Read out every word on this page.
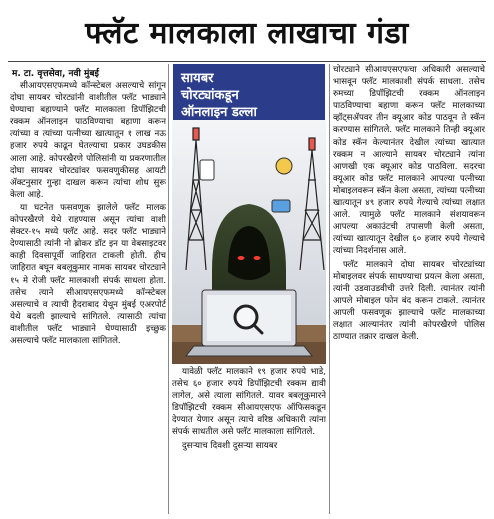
फ्लॅट मालकाला लाखाचा गंडा
म. टा. वृत्तसेवा, नवी मुंबई

सीआयएसएफमध्ये कॉन्स्टेबल असल्याचे सांगून दोघा सायबर चोरट्यांनी वाशीतील फ्लॅट भाड्याने घेण्याचा बहाण्याने फ्लॅट मालकाला डिपॉझिटची रक्कम ऑनलाइन पाठविण्याचा बहाणा करून त्यांच्या व त्यांच्या पत्नीच्या खात्यातून १ लाख नऊ हजार रुपये काढून घेतल्याचा प्रकार उघडकीस आला आहे. कोपरखैरणे पोलिसांनी या प्रकरणातील दोघा सायबर चोरट्यांवर फसवणुकीसह आयटी ॲक्टनुसार गुन्हा दाखल करून त्यांचा शोध सुरू केला आहे.

या घटनेत फसवणूक झालेले फ्लॅट मालक कोपरखैरणे येथे राहण्यास असून त्यांचा वाशी सेक्टर-१५ मध्ये फ्लॅट आहे. सदर फ्लॅट भाड्याने देण्यासाठी त्यांनी नो ब्रोकर डॉट इन या वेबसाइटवर काही दिवसापूर्वी जाहिरात टाकली होती. हीच जाहिरात बघून बबलूकुमार नामक सायबर चोरट्याने १५ मे रोजी फ्लॅट मालकाशी संपर्क साधला होता. तसेच त्याने सीआयएसएफमध्ये कॉन्स्टेबल असल्याचे व त्याची हैदराबाद येथून मुंबई एअरपोर्ट येथे बदली झाल्याचे सांगितले. त्यासाठी त्यांचा वाशीतील फ्लॅट भाड्याने घेण्यासाठी इच्छुक असल्याचे फ्लॅट मालकाला सांगितले.

सायबर
चोरट्यांकडून
ऑनलाइन डल्ला

यावेळी फ्लॅट मालकाने १९ हजार रुपये भाडे, तसेच ६० हजार रुपये डिपॉझिटची रक्कम द्यावी लागेल, असे त्याला सांगितले. यावर बबलूकुमारने डिपॉझिटची रक्कम सीआयएसएफ ऑफिसकडून देण्यात येणार असून त्याचे वरिष्ठ अधिकारी त्यांना संपर्क साधतील असे फ्लॅट मालकाला सांगितले.

दुसऱ्याच दिवशी दुसऱ्या सायबर

चोरट्याने सीआयएसएफचा अधिकारी असल्याचे भासवून फ्लॅट मालकाशी संपर्क साधला. तसेच रुमच्या डिपॉझिटची रक्कम ऑनलाइन पाठविण्याचा बहाणा करून फ्लॅट मालकाच्या व्हॉट्सॲपवर तीन क्यूआर कोड पाठवून ते स्कॅन करण्यास सांगितले. फ्लॅट मालकाने तिन्ही क्यूआर कोड स्कॅन केल्यानंतर देखील त्यांच्या खात्यात रक्कम न आल्याने सायबर चोरट्याने त्यांना आणखी एक क्यूआर कोड पाठविला. सदरचा क्यूआर कोड फ्लॅट मालकाने आपल्या पत्नीच्या मोबाइलवरून स्कॅन केला असता, त्यांच्या पत्नीच्या खात्यातून ४९ हजार रुपये गेल्याचे त्यांच्या लक्षात आले. त्यामुळे फ्लॅट मालकाने संशयावरून आपल्या अकाउंटची तपासणी केली असता, त्यांच्या खात्यातून देखील ६० हजार रुपये गेल्याचे त्यांच्या निदर्शनास आले.

फ्लॅट मालकाने दोघा सायबर चोरट्यांच्या मोबाइलवर संपर्क साधण्याचा प्रयत्न केला असता, त्यांनी उडवाउडवीची उत्तरे दिली. त्यानंतर त्यांनी आपले मोबाइल फोन बंद करून टाकले. त्यानंतर आपली फसवणूक झाल्याचे फ्लॅट मालकाच्या लक्षात आल्यानंतर त्यांनी कोपरखैरणे पोलिस ठाण्यात तक्रार दाखल केली.
